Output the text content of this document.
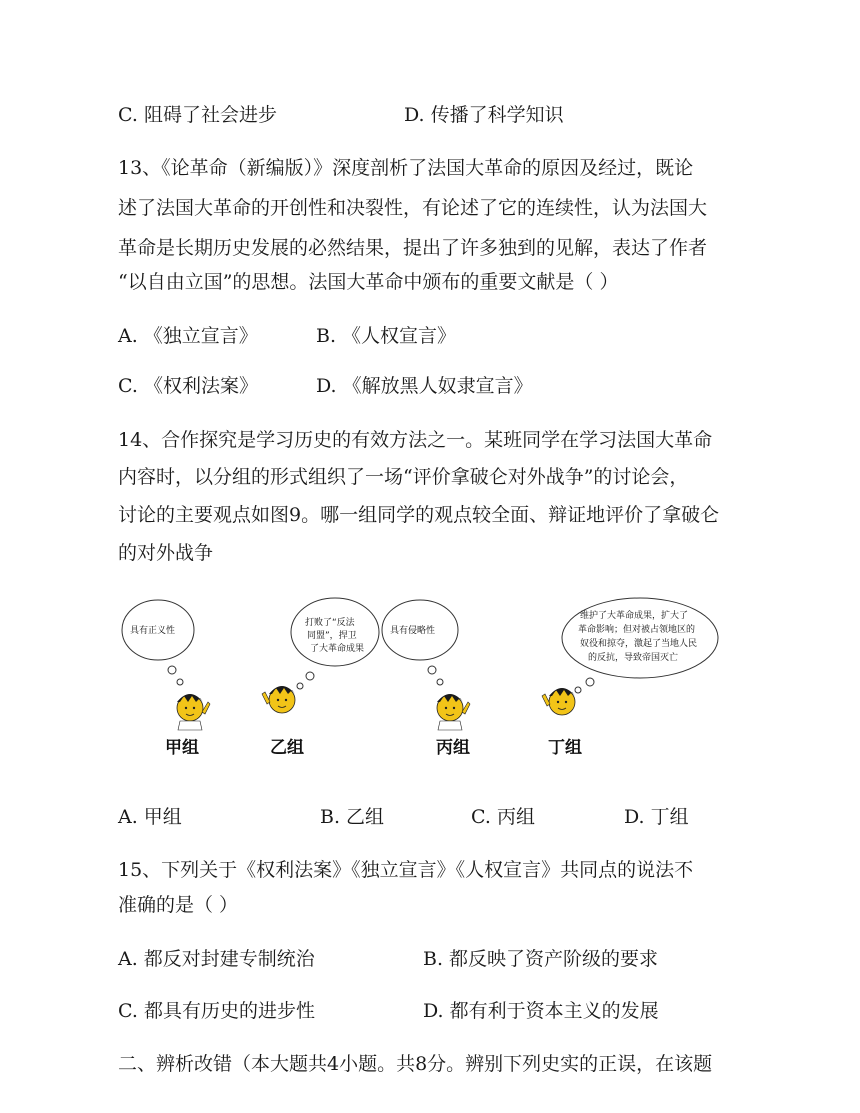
C. 阻碍了社会进步	D. 传播了科学知识
13、《论革命（新编版）》深度剖析了法国大革命的原因及经过，既论
述了法国大革命的开创性和决裂性，有论述了它的连续性，认为法国大
革命是长期历史发展的必然结果，提出了许多独到的见解，表达了作者
“以自由立国”的思想。法国大革命中颁布的重要文献是（ ）
A. 《独立宣言》	B. 《人权宣言》
C. 《权利法案》	D. 《解放黑人奴隶宣言》
14、合作探究是学习历史的有效方法之一。某班同学在学习法国大革命
内容时，以分组的形式组织了一场“评价拿破仑对外战争”的讨论会，
讨论的主要观点如图9。哪一组同学的观点较全面、辩证地评价了拿破仑
的对外战争
具有正义性
甲组
打败了“反法
同盟”，捍卫
了大革命成果
乙组
具有侵略性
丙组
维护了大革命成果，扩大了
革命影响；但对被占领地区的
奴役和掠夺，激起了当地人民
的反抗，导致帝国灭亡
丁组
A. 甲组	B. 乙组	C. 丙组	D. 丁组
15、下列关于《权利法案》《独立宣言》《人权宣言》共同点的说法不
准确的是（ ）
A. 都反对封建专制统治	B. 都反映了资产阶级的要求
C. 都具有历史的进步性	D. 都有利于资本主义的发展
二、辨析改错（本大题共4小题。共8分。辨别下列史实的正误，在该题
